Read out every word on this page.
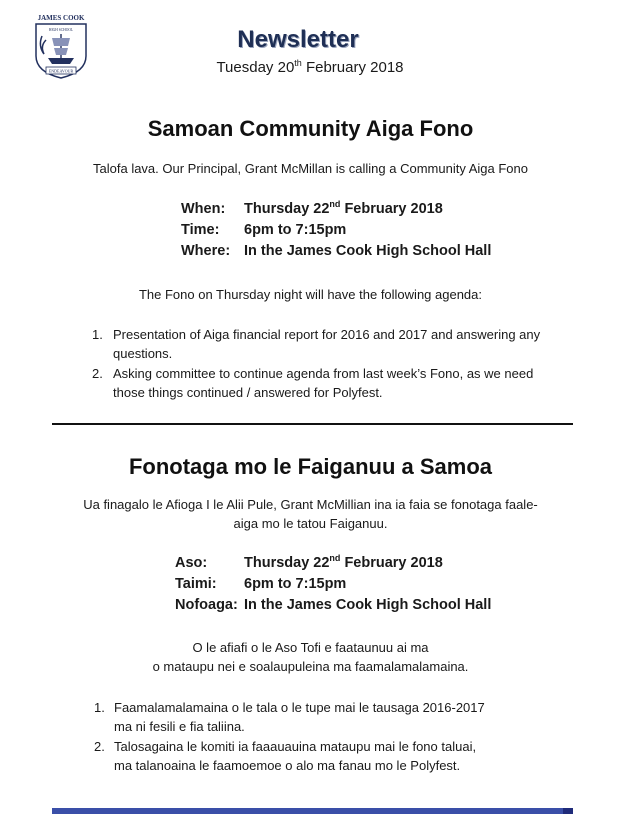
JAMES COOK
HIGH SCHOOL
ENDEAVOUR
Newsletter
Tuesday 20th February 2018
Samoan Community Aiga Fono
Talofa lava. Our Principal, Grant McMillan is calling a Community Aiga Fono
When: Thursday 22nd February 2018
Time: 6pm to 7:15pm
Where: In the James Cook High School Hall
The Fono on Thursday night will have the following agenda:
1. Presentation of Aiga financial report for 2016 and 2017 and answering any
questions.
2. Asking committee to continue agenda from last week’s Fono, as we need
those things continued / answered for Polyfest.
Fonotaga mo le Faiganuu a Samoa
Ua finagalo le Afioga I le Alii Pule, Grant McMillian ina ia faia se fonotaga faale-
aiga mo le tatou Faiganuu.
Aso:	Thursday 22nd February 2018
Taimi: 6pm to 7:15pm
Nofoaga: In the James Cook High School Hall
O le afiafi o le Aso Tofi e faataunuu ai ma
o mataupu nei e soalaupuleina ma faamalamalamaina.
1. Faamalamalamaina o le tala o le tupe mai le tausaga 2016-2017
ma ni fesili e fia taliina.
2. Talosagaina le komiti ia faaauauina mataupu mai le fono taluai,
ma talanoaina le faamoemoe o alo ma fanau mo le Polyfest.
